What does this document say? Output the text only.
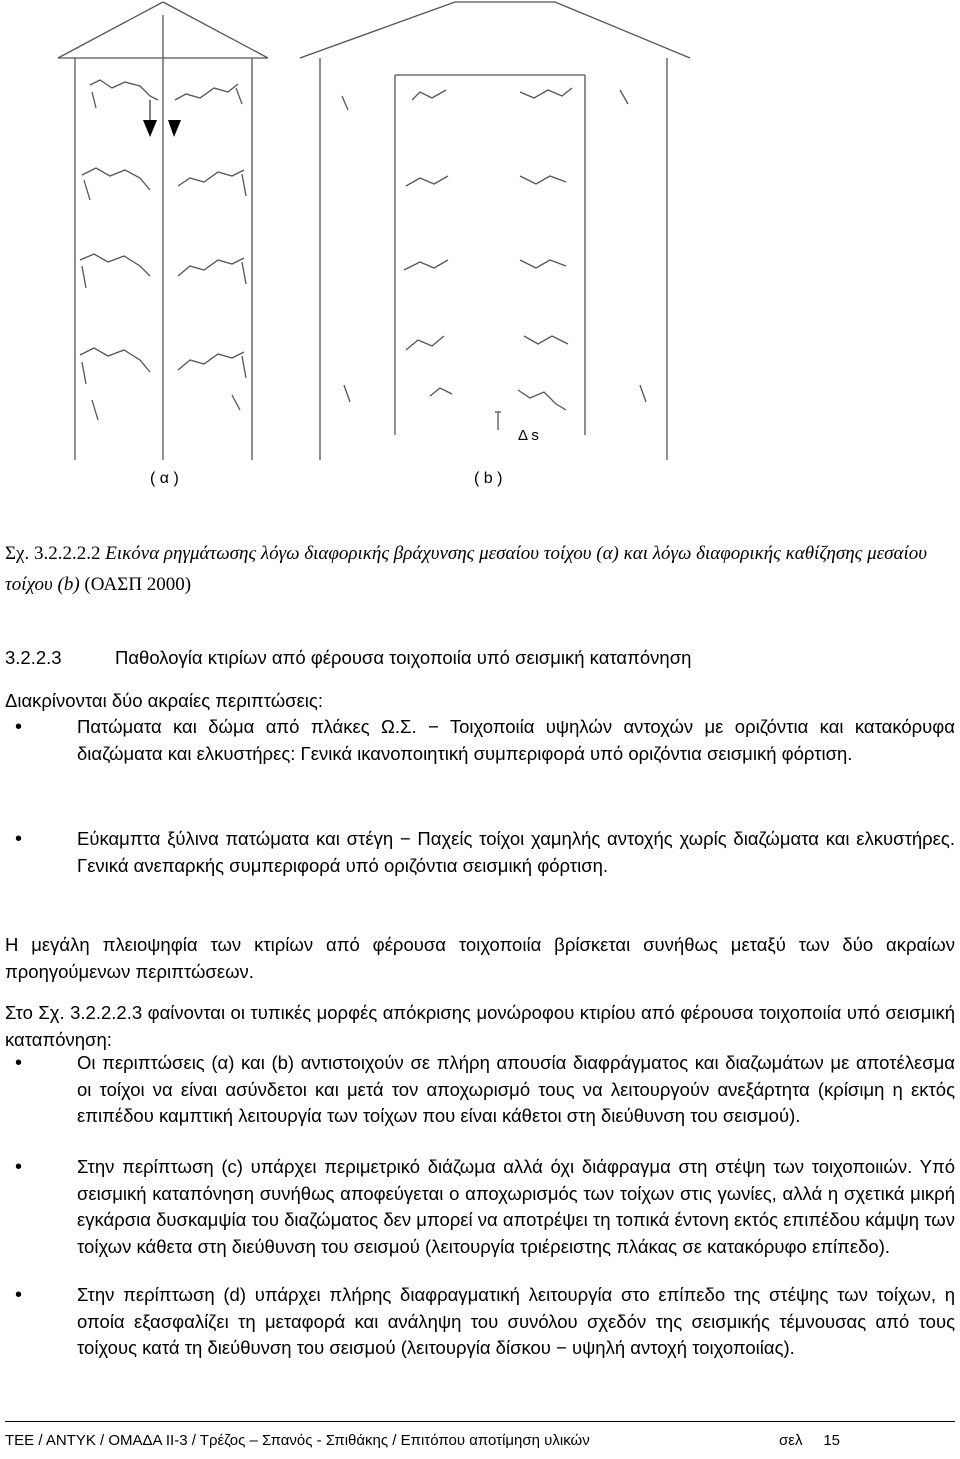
( α )	( b )
Δ s
Σχ. 3.2.2.2.2 Εικόνα ρηγμάτωσης λόγω διαφορικής βράχυνσης μεσαίου τοίχου (α) και λόγω διαφορικής καθίζησης μεσαίου τοίχου (b) (ΟΑΣΠ 2000)
3.2.2.3	Παθολογία κτιρίων από φέρουσα τοιχοποιία υπό σεισμική καταπόνηση
Διακρίνονται δύο ακραίες περιπτώσεις:
•	Πατώματα και δώμα από πλάκες Ω.Σ. − Τοιχοποιία υψηλών αντοχών με οριζόντια και κατακόρυφα διαζώματα και ελκυστήρες: Γενικά ικανοποιητική συμπεριφορά υπό οριζόντια σεισμική φόρτιση.
•	Εύκαμπτα ξύλινα πατώματα και στέγη − Παχείς τοίχοι χαμηλής αντοχής χωρίς διαζώματα και ελκυστήρες. Γενικά ανεπαρκής συμπεριφορά υπό οριζόντια σεισμική φόρτιση.
Η μεγάλη πλειοψηφία των κτιρίων από φέρουσα τοιχοποιία βρίσκεται συνήθως μεταξύ των δύο ακραίων προηγούμενων περιπτώσεων.
Στο Σχ. 3.2.2.2.3 φαίνονται οι τυπικές μορφές απόκρισης μονώροφου κτιρίου από φέρουσα τοιχοποιία υπό σεισμική καταπόνηση:
•	Οι περιπτώσεις (α) και (b) αντιστοιχούν σε πλήρη απουσία διαφράγματος και διαζωμάτων με αποτέλεσμα οι τοίχοι να είναι ασύνδετοι και μετά τον αποχωρισμό τους να λειτουργούν ανεξάρτητα (κρίσιμη η εκτός επιπέδου καμπτική λειτουργία των τοίχων που είναι κάθετοι στη διεύθυνση του σεισμού).
•	Στην περίπτωση (c) υπάρχει περιμετρικό διάζωμα αλλά όχι διάφραγμα στη στέψη των τοιχοποιιών. Υπό σεισμική καταπόνηση συνήθως αποφεύγεται ο αποχωρισμός των τοίχων στις γωνίες, αλλά η σχετικά μικρή εγκάρσια δυσκαμψία του διαζώματος δεν μπορεί να αποτρέψει τη τοπικά έντονη εκτός επιπέδου κάμψη των τοίχων κάθετα στη διεύθυνση του σεισμού (λειτουργία τριέρειστης πλάκας σε κατακόρυφο επίπεδο).
•	Στην περίπτωση (d) υπάρχει πλήρης διαφραγματική λειτουργία στο επίπεδο της στέψης των τοίχων, η οποία εξασφαλίζει τη μεταφορά και ανάληψη του συνόλου σχεδόν της σεισμικής τέμνουσας από τους τοίχους κατά τη διεύθυνση του σεισμού (λειτουργία δίσκου − υψηλή αντοχή τοιχοποιίας).
ΤΕΕ / ΑΝΤΥΚ / ΟΜΑΔΑ ΙΙ-3 / Τρέζος – Σπανός - Σπιθάκης / Επιτόπου αποτίμηση υλικών	σελ 15
